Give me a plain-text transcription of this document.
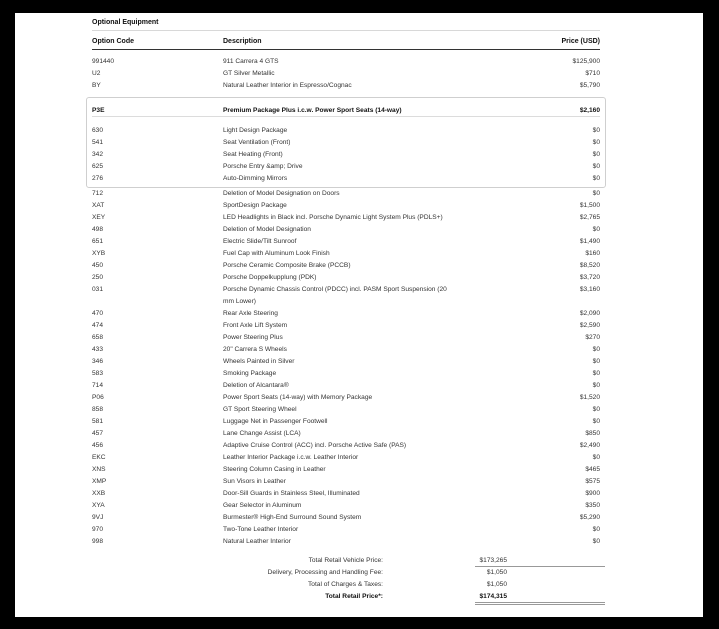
Optional Equipment
Option Code	Description	Price (USD)
991440	911 Carrera 4 GTS	$125,900
U2	GT Silver Metallic	$710
BY	Natural Leather Interior in Espresso/Cognac	$5,790
P3E	Premium Package Plus i.c.w. Power Sport Seats (14-way)	$2,160
630	Light Design Package	$0
541	Seat Ventilation (Front)	$0
342	Seat Heating (Front)	$0
625	Porsche Entry &amp; Drive	$0
276	Auto-Dimming Mirrors	$0
712	Deletion of Model Designation on Doors	$0
XAT	SportDesign Package	$1,500
XEY	LED Headlights in Black incl. Porsche Dynamic Light System Plus (PDLS+)	$2,765
498	Deletion of Model Designation	$0
651	Electric Slide/Tilt Sunroof	$1,490
XYB	Fuel Cap with Aluminum Look Finish	$160
450	Porsche Ceramic Composite Brake (PCCB)	$8,520
250	Porsche Doppelkupplung (PDK)	$3,720
031	Porsche Dynamic Chassis Control (PDCC) incl. PASM Sport Suspension (20	$3,160
mm Lower)
470	Rear Axle Steering	$2,090
474	Front Axle Lift System	$2,590
658	Power Steering Plus	$270
433	20" Carrera S Wheels	$0
346	Wheels Painted in Silver	$0
583	Smoking Package	$0
714	Deletion of Alcantara®	$0
P06	Power Sport Seats (14-way) with Memory Package	$1,520
858	GT Sport Steering Wheel	$0
581	Luggage Net in Passenger Footwell	$0
457	Lane Change Assist (LCA)	$850
456	Adaptive Cruise Control (ACC) incl. Porsche Active Safe (PAS)	$2,490
EKC	Leather Interior Package i.c.w. Leather Interior	$0
XNS	Steering Column Casing in Leather	$465
XMP	Sun Visors in Leather	$575
XXB	Door-Sill Guards in Stainless Steel, Illuminated	$900
XYA	Gear Selector in Aluminum	$350
9VJ	Burmester® High-End Surround Sound System	$5,290
970	Two-Tone Leather Interior	$0
998	Natural Leather Interior	$0
Total Retail Vehicle Price:	$173,265
Delivery, Processing and Handling Fee:	$1,050
Total of Charges & Taxes:	$1,050
Total Retail Price*:	$174,315
